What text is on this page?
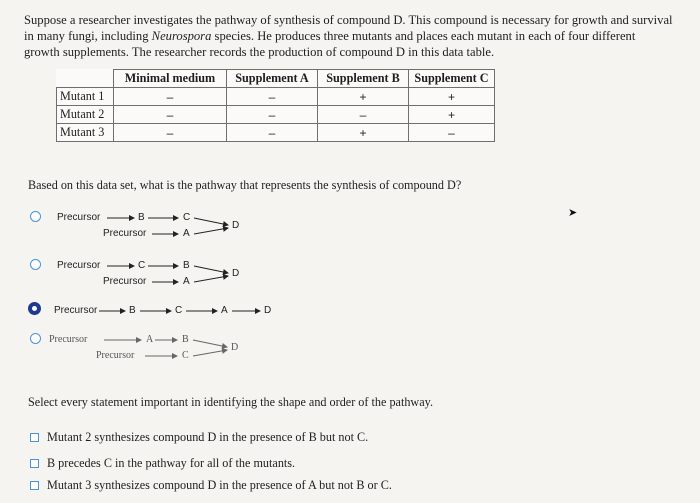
Suppose a researcher investigates the pathway of synthesis of compound D. This compound is necessary for growth and survival in many fungi, including Neurospora species. He produces three mutants and places each mutant in each of four different growth supplements. The researcher records the production of compound D in this data table.
	Minimal medium	Supplement A	Supplement B	Supplement C
Mutant 1	–	–	+	+
Mutant 2	–	–	–	+
Mutant 3	–	–	+	–
Based on this data set, what is the pathway that represents the synthesis of compound D?
Precursor	B	C
Precursor	A
D
Precursor	C	B
Precursor	A
D
Precursor	B	C	A	D
Precursor	A	B
Precursor	C
D
➤
Select every statement important in identifying the shape and order of the pathway.
Mutant 2 synthesizes compound D in the presence of B but not C.
B precedes C in the pathway for all of the mutants.
Mutant 3 synthesizes compound D in the presence of A but not B or C.
